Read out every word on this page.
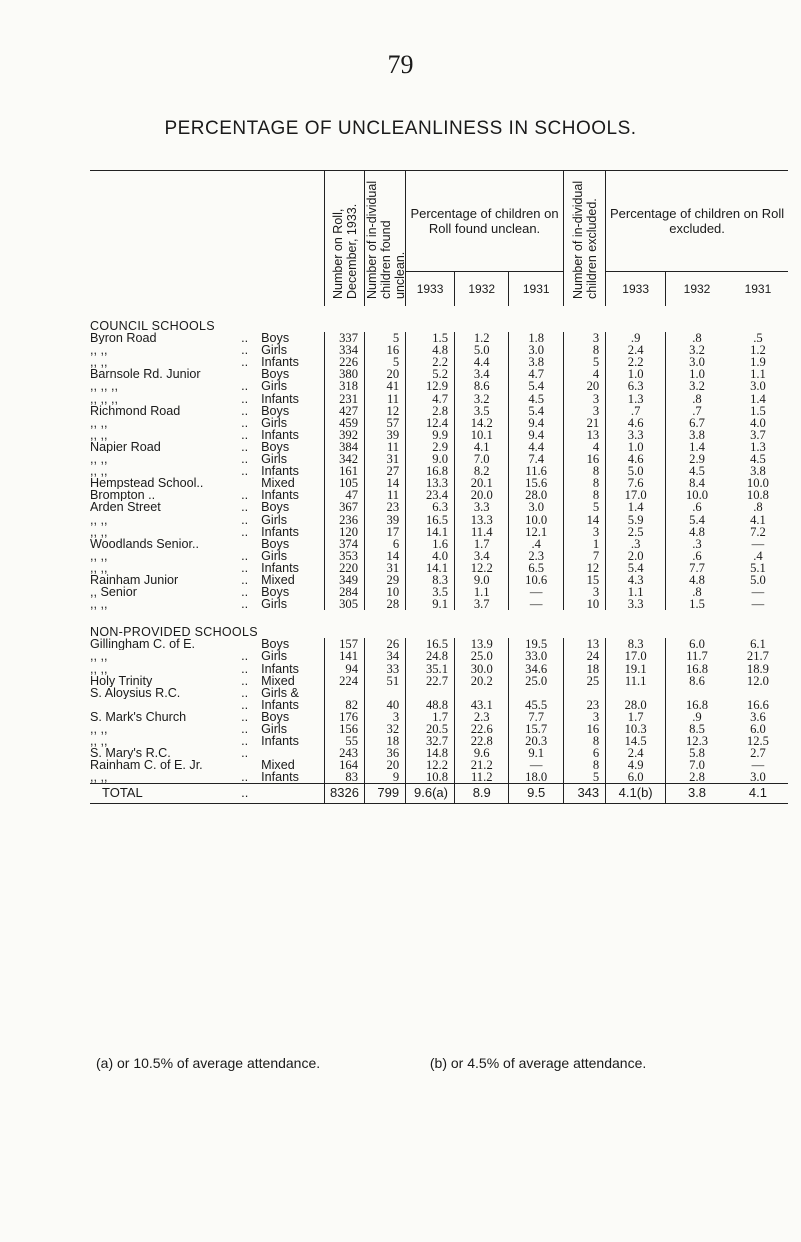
79
PERCENTAGE OF UNCLEANLINESS IN SCHOOLS.

			Number on Roll, December, 1933.	Number of in-dividual children found unclean.	Percentage of children on Roll found unclean.			Number of in-dividual children excluded.	Percentage of children on Roll excluded.		
					1933	1932	1931		1933	1932	1931
COUNCIL SCHOOLS											
Byron Road	..	Boys	337	5	1.5	1.2	1.8	3	.9	.8	.5
,, ,,	..	Girls	334	16	4.8	5.0	3.0	8	2.4	3.2	1.2
,, ,,	..	Infants	226	5	2.2	4.4	3.8	5	2.2	3.0	1.9
Barnsole Rd. Junior		Boys	380	20	5.2	3.4	4.7	4	1.0	1.0	1.1
,, ,, ,,	..	Girls	318	41	12.9	8.6	5.4	20	6.3	3.2	3.0
,, ,, ,,	..	Infants	231	11	4.7	3.2	4.5	3	1.3	.8	1.4
Richmond Road	..	Boys	427	12	2.8	3.5	5.4	3	.7	.7	1.5
,, ,,	..	Girls	459	57	12.4	14.2	9.4	21	4.6	6.7	4.0
,, ,,	..	Infants	392	39	9.9	10.1	9.4	13	3.3	3.8	3.7
Napier Road	..	Boys	384	11	2.9	4.1	4.4	4	1.0	1.4	1.3
,, ,,	..	Girls	342	31	9.0	7.0	7.4	16	4.6	2.9	4.5
,, ,,	..	Infants	161	27	16.8	8.2	11.6	8	5.0	4.5	3.8
Hempstead School..		Mixed	105	14	13.3	20.1	15.6	8	7.6	8.4	10.0
Brompton ..	..	Infants	47	11	23.4	20.0	28.0	8	17.0	10.0	10.8
Arden Street	..	Boys	367	23	6.3	3.3	3.0	5	1.4	.6	.8
,, ,,	..	Girls	236	39	16.5	13.3	10.0	14	5.9	5.4	4.1
,, ,,	..	Infants	120	17	14.1	11.4	12.1	3	2.5	4.8	7.2
Woodlands Senior..		Boys	374	6	1.6	1.7	.4	1	.3	.3	—
,, ,,	..	Girls	353	14	4.0	3.4	2.3	7	2.0	.6	.4
,, ,,	..	Infants	220	31	14.1	12.2	6.5	12	5.4	7.7	5.1
Rainham Junior	..	Mixed	349	29	8.3	9.0	10.6	15	4.3	4.8	5.0
,, Senior	..	Boys	284	10	3.5	1.1	—	3	1.1	.8	—
,, ,,	..	Girls	305	28	9.1	3.7	—	10	3.3	1.5	—
NON-PROVIDED SCHOOLS											
Gillingham C. of E.		Boys	157	26	16.5	13.9	19.5	13	8.3	6.0	6.1
,, ,,	..	Girls	141	34	24.8	25.0	33.0	24	17.0	11.7	21.7
,, ,,	..	Infants	94	33	35.1	30.0	34.6	18	19.1	16.8	18.9
Holy Trinity	..	Mixed	224	51	22.7	20.2	25.0	25	11.1	8.6	12.0
S. Aloysius R.C.	..	Girls &									
	..	Infants	82	40	48.8	43.1	45.5	23	28.0	16.8	16.6
S. Mark's Church	..	Boys	176	3	1.7	2.3	7.7	3	1.7	.9	3.6
,, ,,	..	Girls	156	32	20.5	22.6	15.7	16	10.3	8.5	6.0
,, ,,	..	Infants	55	18	32.7	22.8	20.3	8	14.5	12.3	12.5
S. Mary's R.C.	..		243	36	14.8	9.6	9.1	6	2.4	5.8	2.7
Rainham C. of E. Jr.		Mixed	164	20	12.2	21.2	—	8	4.9	7.0	—
,, ,,	..	Infants	83	9	10.8	11.2	18.0	5	6.0	2.8	3.0
TOTAL	..		8326	799	9.6(a)	8.9	9.5	343	4.1(b)	3.8	4.1
(a) or 10.5% of average attendance.	(b) or 4.5% of average attendance.
